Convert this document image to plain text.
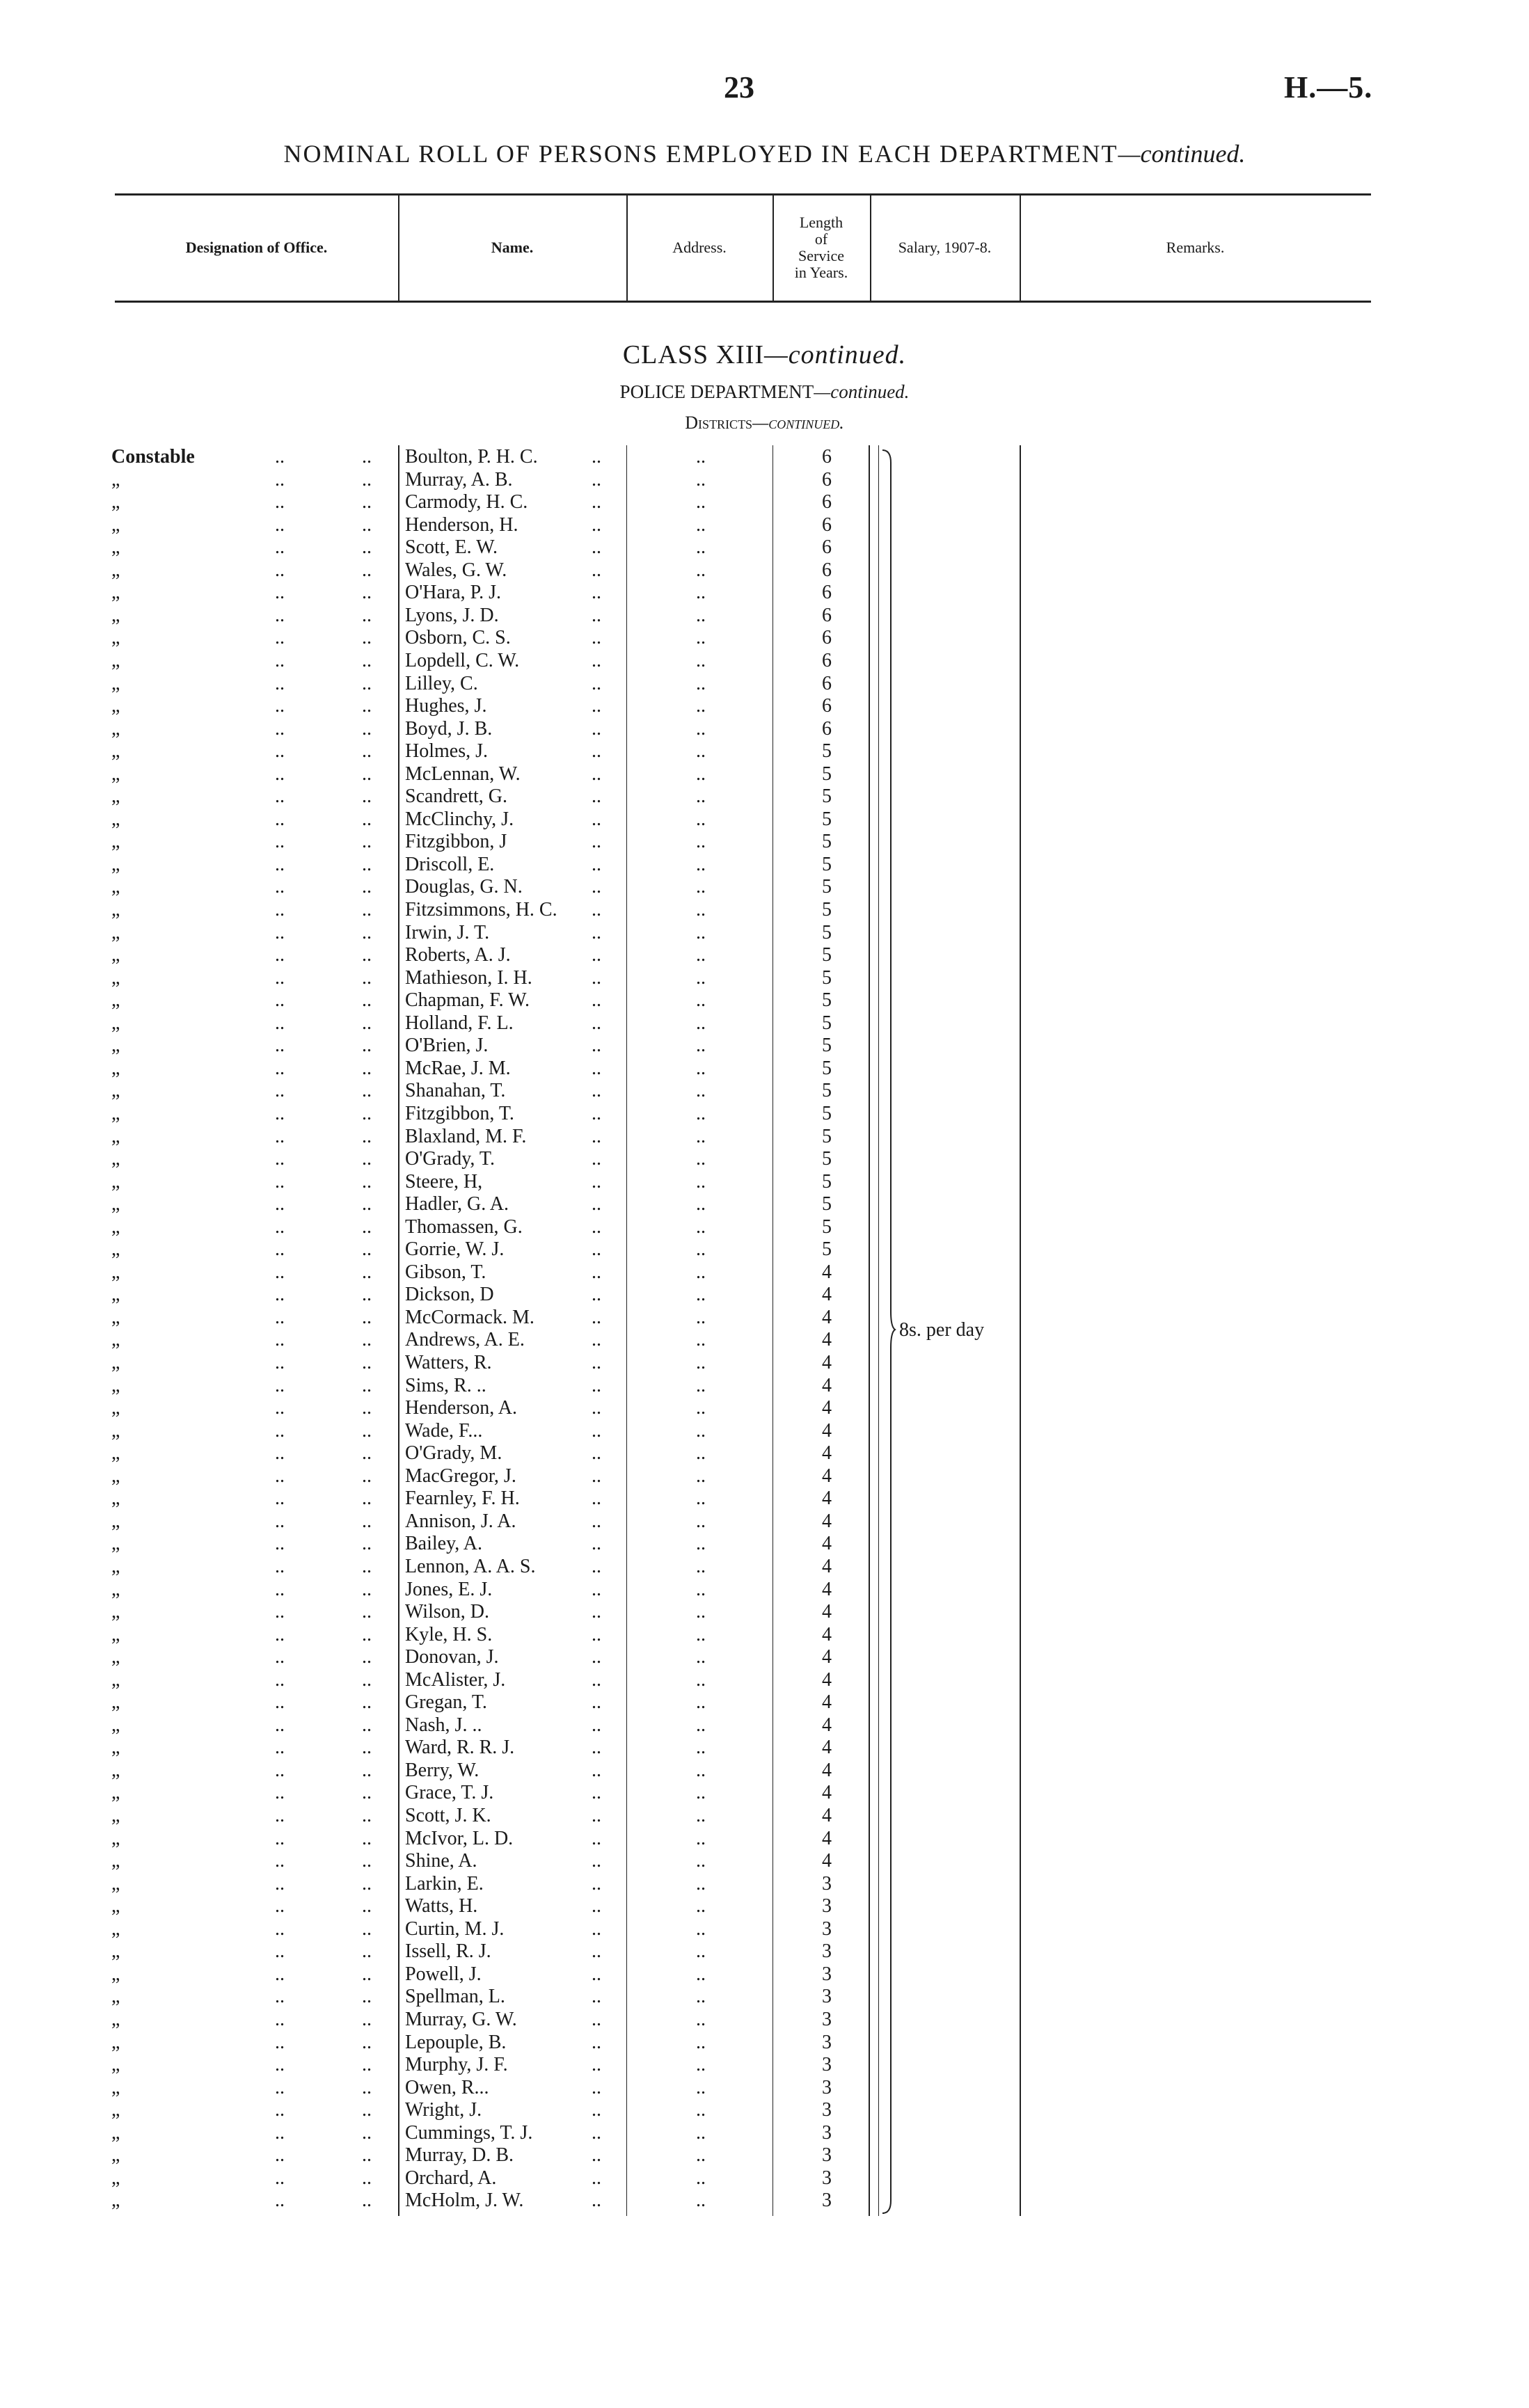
23	H.—5.
NOMINAL ROLL OF PERSONS EMPLOYED IN EACH DEPARTMENT—continued.
Designation of Office.	Name.	Address.
Length
of
Service
in Years.
Salary, 1907-8.	Remarks.
CLASS XIII—continued.
POLICE DEPARTMENT—continued.
Districts—continued.
8s. per day
Constable	..	.. Boulton, P. H. C.	..	..	6
„	..	.. Murray, A. B.	..	..	6
„	..	.. Carmody, H. C.	..	..	6
„	..	.. Henderson, H.	..	..	6
„	..	.. Scott, E. W.	..	..	6
„	..	.. Wales, G. W.	..	..	6
„	..	.. O'Hara, P. J.	..	..	6
„	..	.. Lyons, J. D.	..	..	6
„	..	.. Osborn, C. S.	..	..	6
„	..	.. Lopdell, C. W.	..	..	6
„	..	.. Lilley, C.	..	..	6
„	..	.. Hughes, J.	..	..	6
„	..	.. Boyd, J. B.	..	..	6
„	..	.. Holmes, J.	..	..	5
„	..	.. McLennan, W.	..	..	5
„	..	.. Scandrett, G.	..	..	5
„	..	.. McClinchy, J.	..	..	5
„	..	.. Fitzgibbon, J	..	..	5
„	..	.. Driscoll, E.	..	..	5
„	..	.. Douglas, G. N.	..	..	5
„	..	.. Fitzsimmons, H. C. ..	..	5
„	..	.. Irwin, J. T.	..	..	5
„	..	.. Roberts, A. J.	..	..	5
„	..	.. Mathieson, I. H.	..	..	5
„	..	.. Chapman, F. W.	..	..	5
„	..	.. Holland, F. L.	..	..	5
„	..	.. O'Brien, J.	..	..	5
„	..	.. McRae, J. M.	..	..	5
„	..	.. Shanahan, T.	..	..	5
„	..	.. Fitzgibbon, T.	..	..	5
„	..	.. Blaxland, M. F.	..	..	5
„	..	.. O'Grady, T.	..	..	5
„	..	.. Steere, H,	..	..	5
„	..	.. Hadler, G. A.	..	..	5
„	..	.. Thomassen, G.	..	..	5
„	..	.. Gorrie, W. J.	..	..	5
„	..	.. Gibson, T.	..	..	4
„	..	.. Dickson, D	..	..	4
„	..	.. McCormack. M.	..	..	4
„	..	.. Andrews, A. E.	..	..	4
„	..	.. Watters, R.	..	..	4
„	..	.. Sims, R. ..	..	..	4
„	..	.. Henderson, A.	..	..	4
„	..	.. Wade, F...	..	..	4
„	..	.. O'Grady, M.	..	..	4
„	..	.. MacGregor, J.	..	..	4
„	..	.. Fearnley, F. H.	..	..	4
„	..	.. Annison, J. A.	..	..	4
„	..	.. Bailey, A.	..	..	4
„	..	.. Lennon, A. A. S.	..	..	4
„	..	.. Jones, E. J.	..	..	4
„	..	.. Wilson, D.	..	..	4
„	..	.. Kyle, H. S.	..	..	4
„	..	.. Donovan, J.	..	..	4
„	..	.. McAlister, J.	..	..	4
„	..	.. Gregan, T.	..	..	4
„	..	.. Nash, J. ..	..	..	4
„	..	.. Ward, R. R. J.	..	..	4
„	..	.. Berry, W.	..	..	4
„	..	.. Grace, T. J.	..	..	4
„	..	.. Scott, J. K.	..	..	4
„	..	.. McIvor, L. D.	..	..	4
„	..	.. Shine, A.	..	..	4
„	..	.. Larkin, E.	..	..	3
„	..	.. Watts, H.	..	..	3
„	..	.. Curtin, M. J.	..	..	3
„	..	.. Issell, R. J.	..	..	3
„	..	.. Powell, J.	..	..	3
„	..	.. Spellman, L.	..	..	3
„	..	.. Murray, G. W.	..	..	3
„	..	.. Lepouple, B.	..	..	3
„	..	.. Murphy, J. F.	..	..	3
„	..	.. Owen, R...	..	..	3
„	..	.. Wright, J.	..	..	3
„	..	.. Cummings, T. J.	..	..	3
„	..	.. Murray, D. B.	..	..	3
„	..	.. Orchard, A.	..	..	3
„	..	.. McHolm, J. W.	..	..	3
